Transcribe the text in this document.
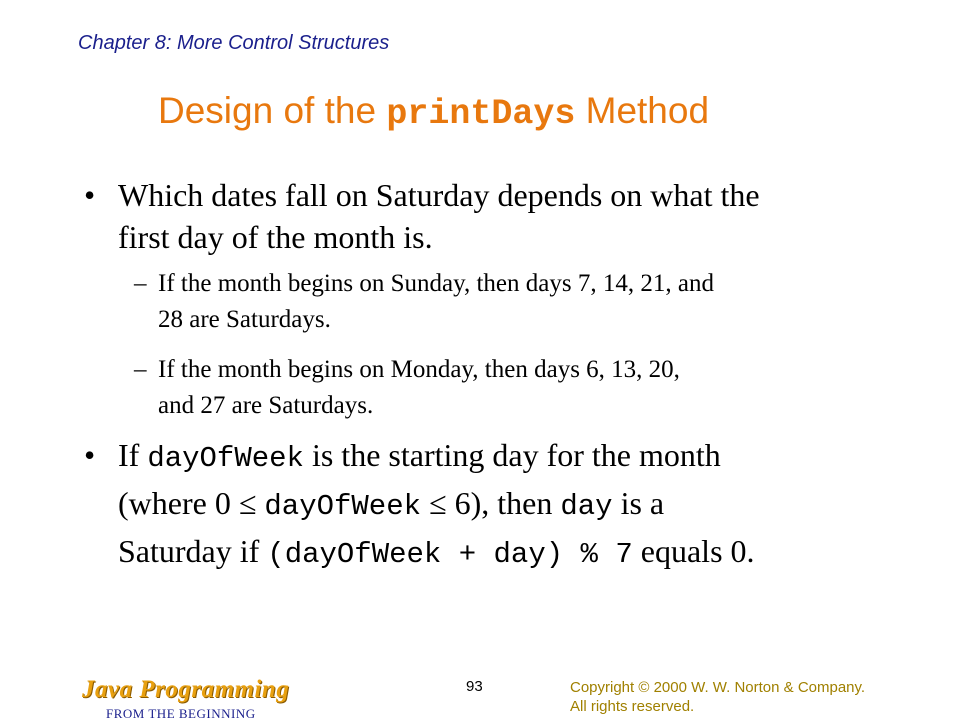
Chapter 8: More Control Structures
Design of the printDays Method
• Which dates fall on Saturday depends on what the
first day of the month is.
– If the month begins on Sunday, then days 7, 14, 21, and
28 are Saturdays.
– If the month begins on Monday, then days 6, 13, 20,
and 27 are Saturdays.
• If dayOfWeek is the starting day for the month
(where 0 ≤ dayOfWeek ≤ 6), then day is a
Saturday if (dayOfWeek + day) % 7 equals 0.
Java Programming
FROM THE BEGINNING
93	Copyright © 2000 W. W. Norton & Company.
All rights reserved.
